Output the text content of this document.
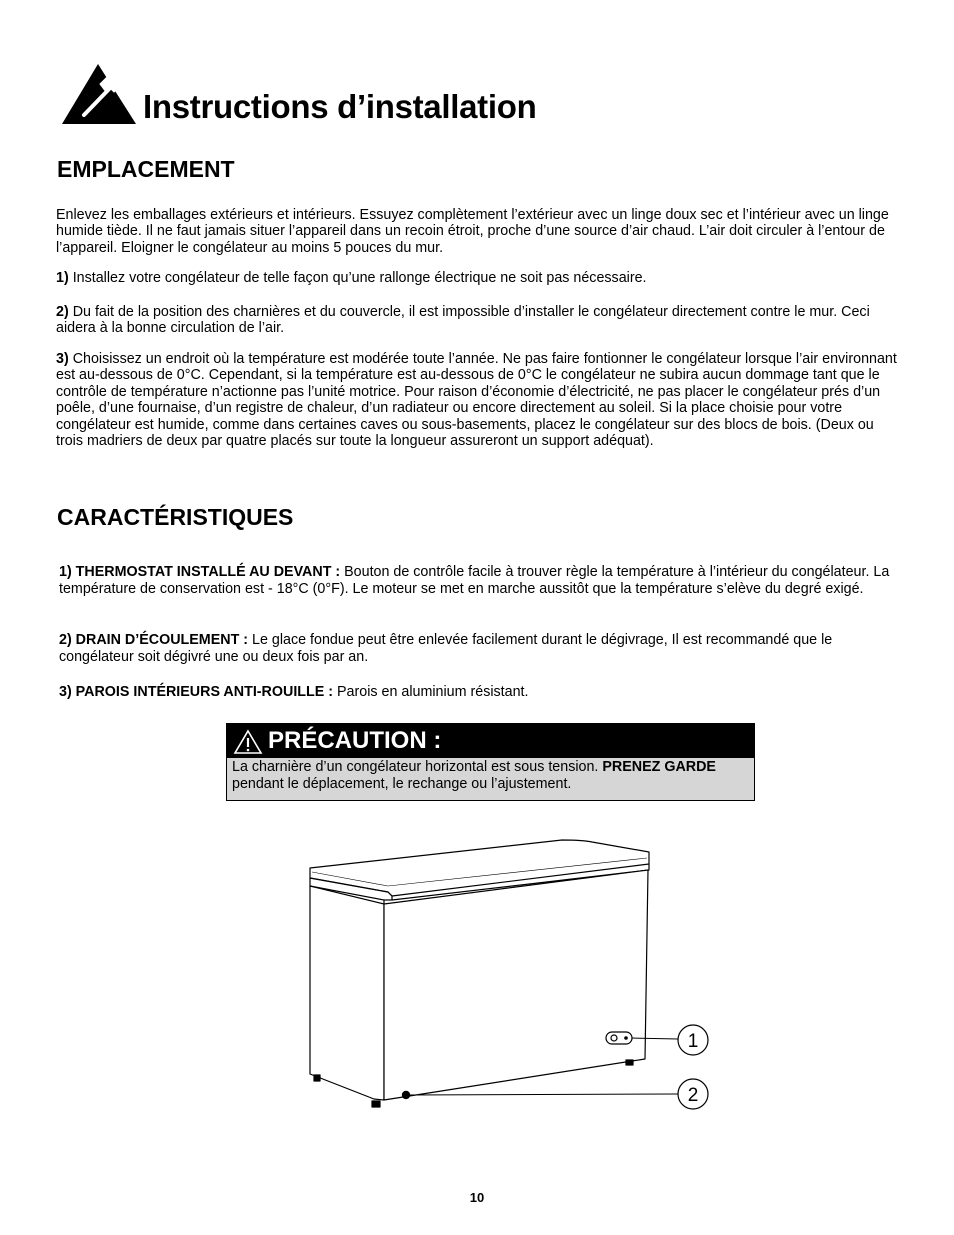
Instructions d’installation
EMPLACEMENT
Enlevez les emballages extérieurs et intérieurs. Essuyez complètement l’extérieur avec un linge doux sec et l’intérieur avec un linge humide tiède. Il ne faut jamais situer l’appareil dans un recoin étroit, proche d’une source d’air chaud. L’air doit circuler à l’entour de l’appareil. Eloigner le congélateur au moins 5 pouces du mur.
1) Installez votre congélateur de telle façon qu’une rallonge électrique ne soit pas nécessaire.
2) Du fait de la position des charnières et du couvercle, il est impossible d’installer le congélateur directement contre le mur. Ceci aidera à la bonne circulation de l’air.
3) Choisissez un endroit où la température est modérée toute l’année. Ne pas faire fontionner le congélateur lorsque l’air environnant est au-dessous de 0°C. Cependant, si la température est au-dessous de 0°C le congélateur ne subira aucun dommage tant que le contrôle de température n’actionne pas l’unité motrice. Pour raison d’économie d’électricité, ne pas placer le congélateur prés d’un poêle, d’une fournaise, d’un registre de chaleur, d’un radiateur ou encore directement au soleil. Si la place choisie pour votre congélateur est humide, comme dans certaines caves ou sous-basements, placez le congélateur sur des blocs de bois. (Deux ou trois madriers de deux par quatre placés sur toute la longueur assureront un support adéquat).
CARACTÉRISTIQUES
1) THERMOSTAT INSTALLÉ AU DEVANT : Bouton de contrôle facile à trouver règle la température à l’intérieur du congélateur. La température de conservation est - 18°C (0°F). Le moteur se met en marche aussitôt que la température s’elève du degré exigé.
2) DRAIN D’ÉCOULEMENT : Le glace fondue peut être enlevée facilement durant le dégivrage, Il est recommandé que le congélateur soit dégivré une ou deux fois par an.
3) PAROIS INTÉRIEURS ANTI-ROUILLE : Parois en aluminium résistant.
PRÉCAUTION :
La charnière d’un congélateur horizontal est sous tension. PRENEZ GARDE pendant le déplacement, le rechange ou l’ajustement.
1
2
10
